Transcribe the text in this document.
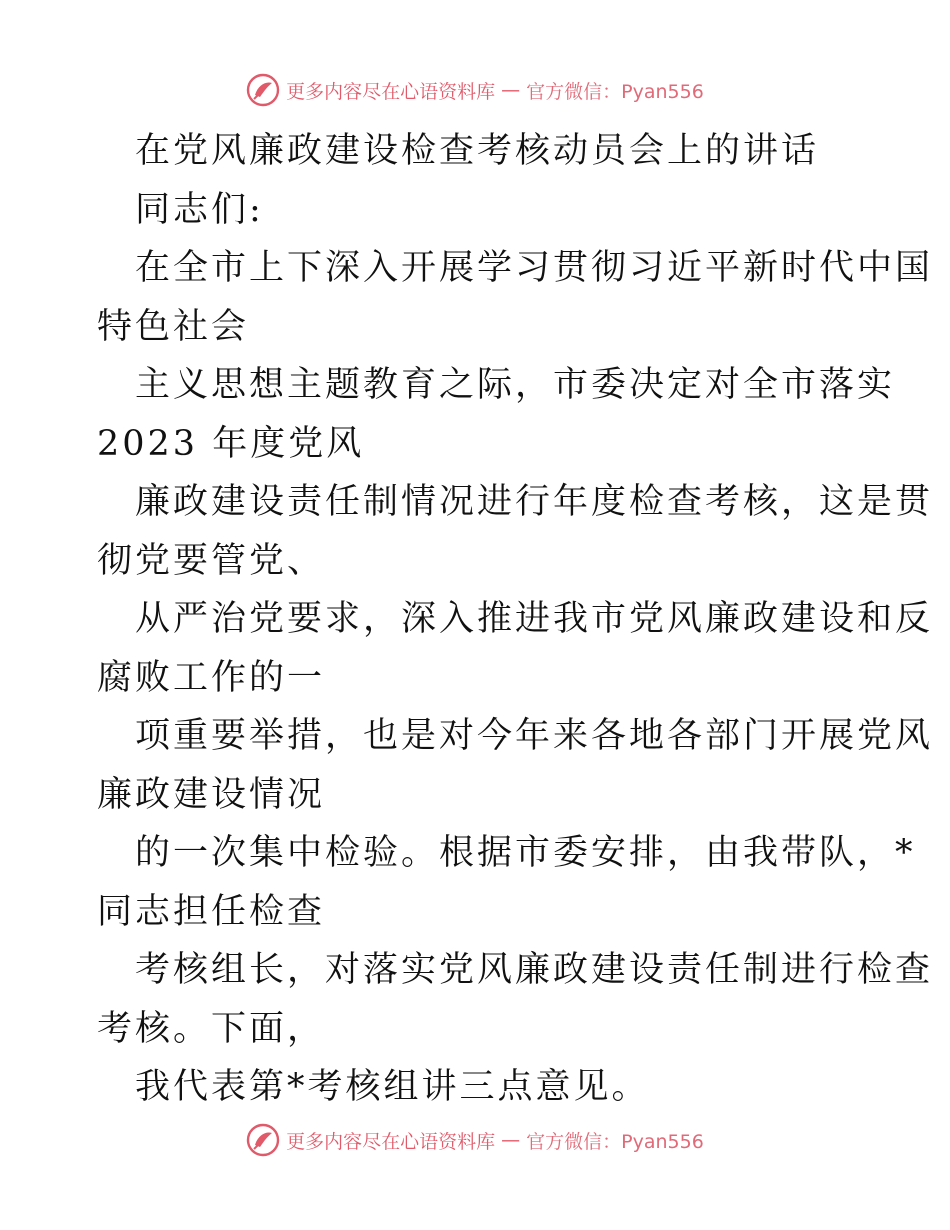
更多内容尽在心语资料库 — 官方微信：Pyan556
在党风廉政建设检查考核动员会上的讲话
同志们:
在全市上下深入开展学习贯彻习近平新时代中国
特色社会
主义思想主题教育之际，市委决定对全市落实
2023 年度党风
廉政建设责任制情况进行年度检查考核，这是贯
彻党要管党、
从严治党要求，深入推进我市党风廉政建设和反
腐败工作的一
项重要举措，也是对今年来各地各部门开展党风
廉政建设情况
的一次集中检验。根据市委安排，由我带队，*
同志担任检查
考核组长，对落实党风廉政建设责任制进行检查
考核。下面，
我代表第*考核组讲三点意见。
更多内容尽在心语资料库 — 官方微信：Pyan556
